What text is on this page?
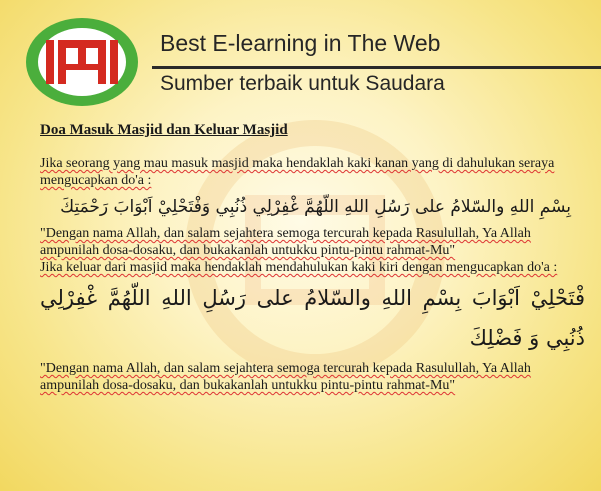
Best E-learning in The Web
Sumber terbaik untuk Saudara
Doa Masuk Masjid dan Keluar Masjid

Jika seorang yang mau masuk masjid maka hendaklah kaki kanan yang di dahulukan seraya mengucapkan do'a :

بِسْمِ اللهِ والسّلامُ على رَسُلِ اللهِ اللّهُمَّ غْفِرْلِي ذُنُبِي وَفْتَحْلِيْ اَبْوَابَ رَحْمَتِكَ

"Dengan nama Allah, dan salam sejahtera semoga tercurah kepada Rasulullah, Ya Allah ampunilah dosa-dosaku, dan bukakanlah untukku pintu-pintu rahmat-Mu"

Jika keluar dari masjid maka hendaklah mendahulukan kaki kiri dengan mengucapkan do'a :

فْتَحْلِيْ اَبْوَابَ بِسْمِ اللهِ والسّلامُ على رَسُلِ اللهِ اللّهُمَّ غْفِرْلِي ذُنُبِي وَ فَضْلِكَ

"Dengan nama Allah, dan salam sejahtera semoga tercurah kepada Rasulullah, Ya Allah ampunilah dosa-dosaku, dan bukakanlah untukku pintu-pintu rahmat-Mu"
